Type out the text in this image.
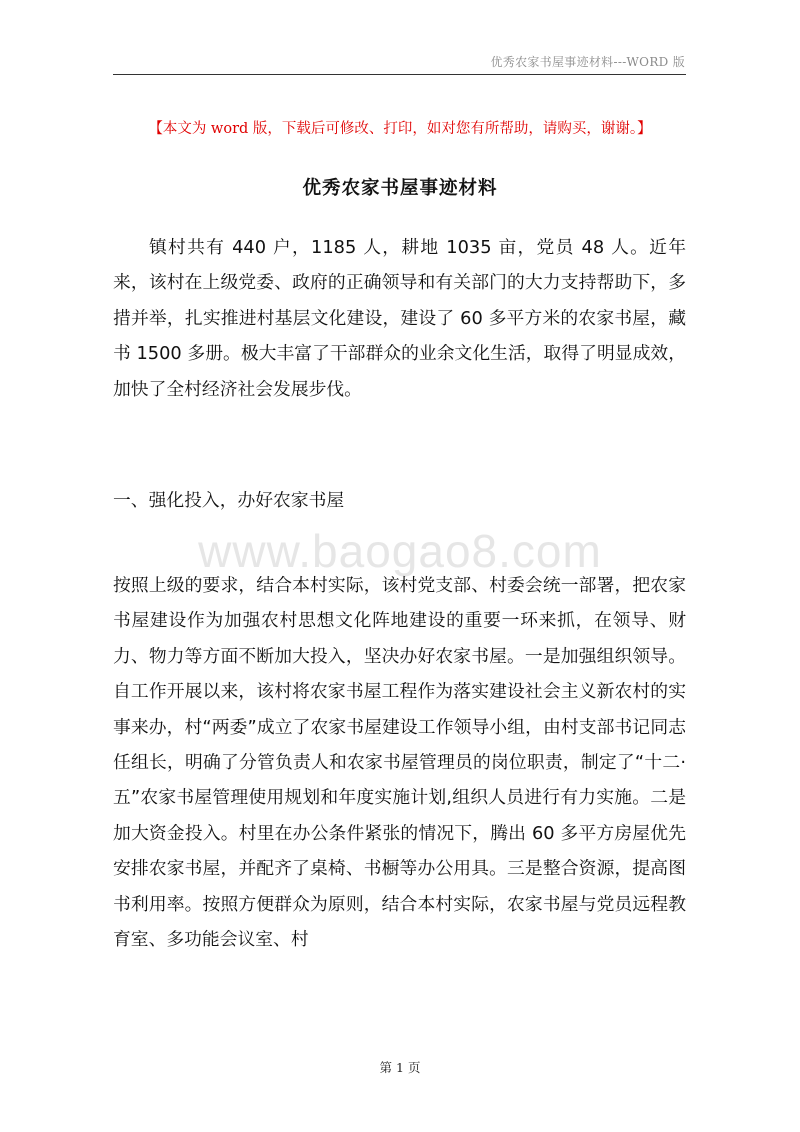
优秀农家书屋事迹材料---WORD 版
【本文为 word 版，下载后可修改、打印，如对您有所帮助，请购买，谢谢。】
优秀农家书屋事迹材料

镇村共有 440 户，1185 人，耕地 1035 亩，党员 48 人。近年来，该村在上级党委、政府的正确领导和有关部门的大力支持帮助下，多措并举，扎实推进村基层文化建设，建设了 60 多平方米的农家书屋，藏书 1500 多册。极大丰富了干部群众的业余文化生活，取得了明显成效，加快了全村经济社会发展步伐。

一、强化投入，办好农家书屋
www.baogao8.com

按照上级的要求，结合本村实际，该村党支部、村委会统一部署，把农家书屋建设作为加强农村思想文化阵地建设的重要一环来抓，在领导、财力、物力等方面不断加大投入，坚决办好农家书屋。一是加强组织领导。自工作开展以来，该村将农家书屋工程作为落实建设社会主义新农村的实事来办，村“两委”成立了农家书屋建设工作领导小组，由村支部书记同志任组长，明确了分管负责人和农家书屋管理员的岗位职责，制定了“十二·五”农家书屋管理使用规划和年度实施计划,组织人员进行有力实施。二是加大资金投入。村里在办公条件紧张的情况下，腾出 60 多平方房屋优先安排农家书屋，并配齐了桌椅、书橱等办公用具。三是整合资源，提高图书利用率。按照方便群众为原则，结合本村实际，农家书屋与党员远程教育室、多功能会议室、村

第 1 页
